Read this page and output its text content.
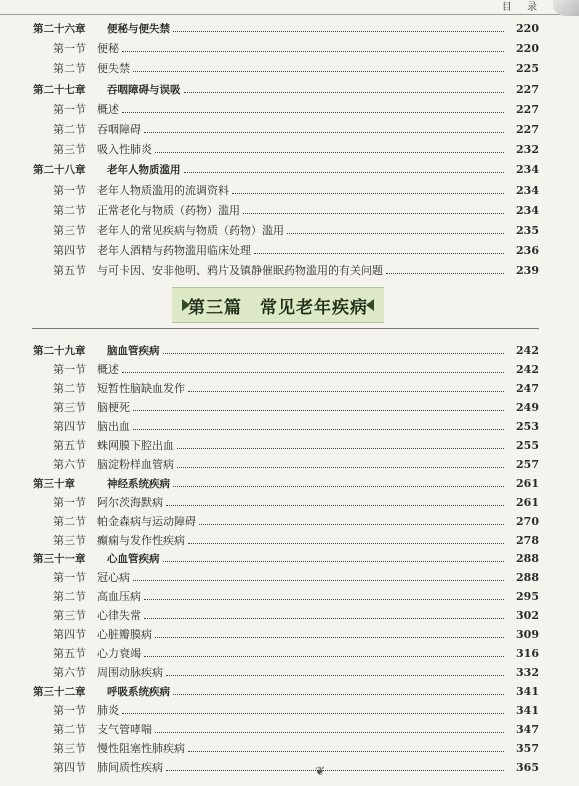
目 录
第二十六章	便秘与便失禁	220
第一节	便秘	220
第二节	便失禁	225
第二十七章	吞咽障碍与误吸	227
第一节	概述	227
第二节	吞咽障碍	227
第三节	吸入性肺炎	232
第二十八章	老年人物质滥用	234
第一节	老年人物质滥用的流调资料	234
第二节	正常老化与物质（药物）滥用	234
第三节	老年人的常见疾病与物质（药物）滥用	235
第四节	老年人酒精与药物滥用临床处理	236
第五节	与可卡因、安非他明、鸦片及镇静催眠药物滥用的有关问题	239
第三篇　常见老年疾病
第二十九章	脑血管疾病	242
第一节	概述	242
第二节	短暂性脑缺血发作	247
第三节	脑梗死	249
第四节	脑出血	253
第五节	蛛网膜下腔出血	255
第六节	脑淀粉样血管病	257
第三十章	神经系统疾病	261
第一节	阿尔茨海默病	261
第二节	帕金森病与运动障碍	270
第三节	癫痫与发作性疾病	278
第三十一章	心血管疾病	288
第一节	冠心病	288
第二节	高血压病	295
第三节	心律失常	302
第四节	心脏瓣膜病	309
第五节	心力衰竭	316
第六节	周围动脉疾病	332
第三十二章	呼吸系统疾病	341
第一节	肺炎	341
第二节	支气管哮喘	347
第三节	慢性阻塞性肺疾病	357
第四节	肺间质性疾病	365
❦
